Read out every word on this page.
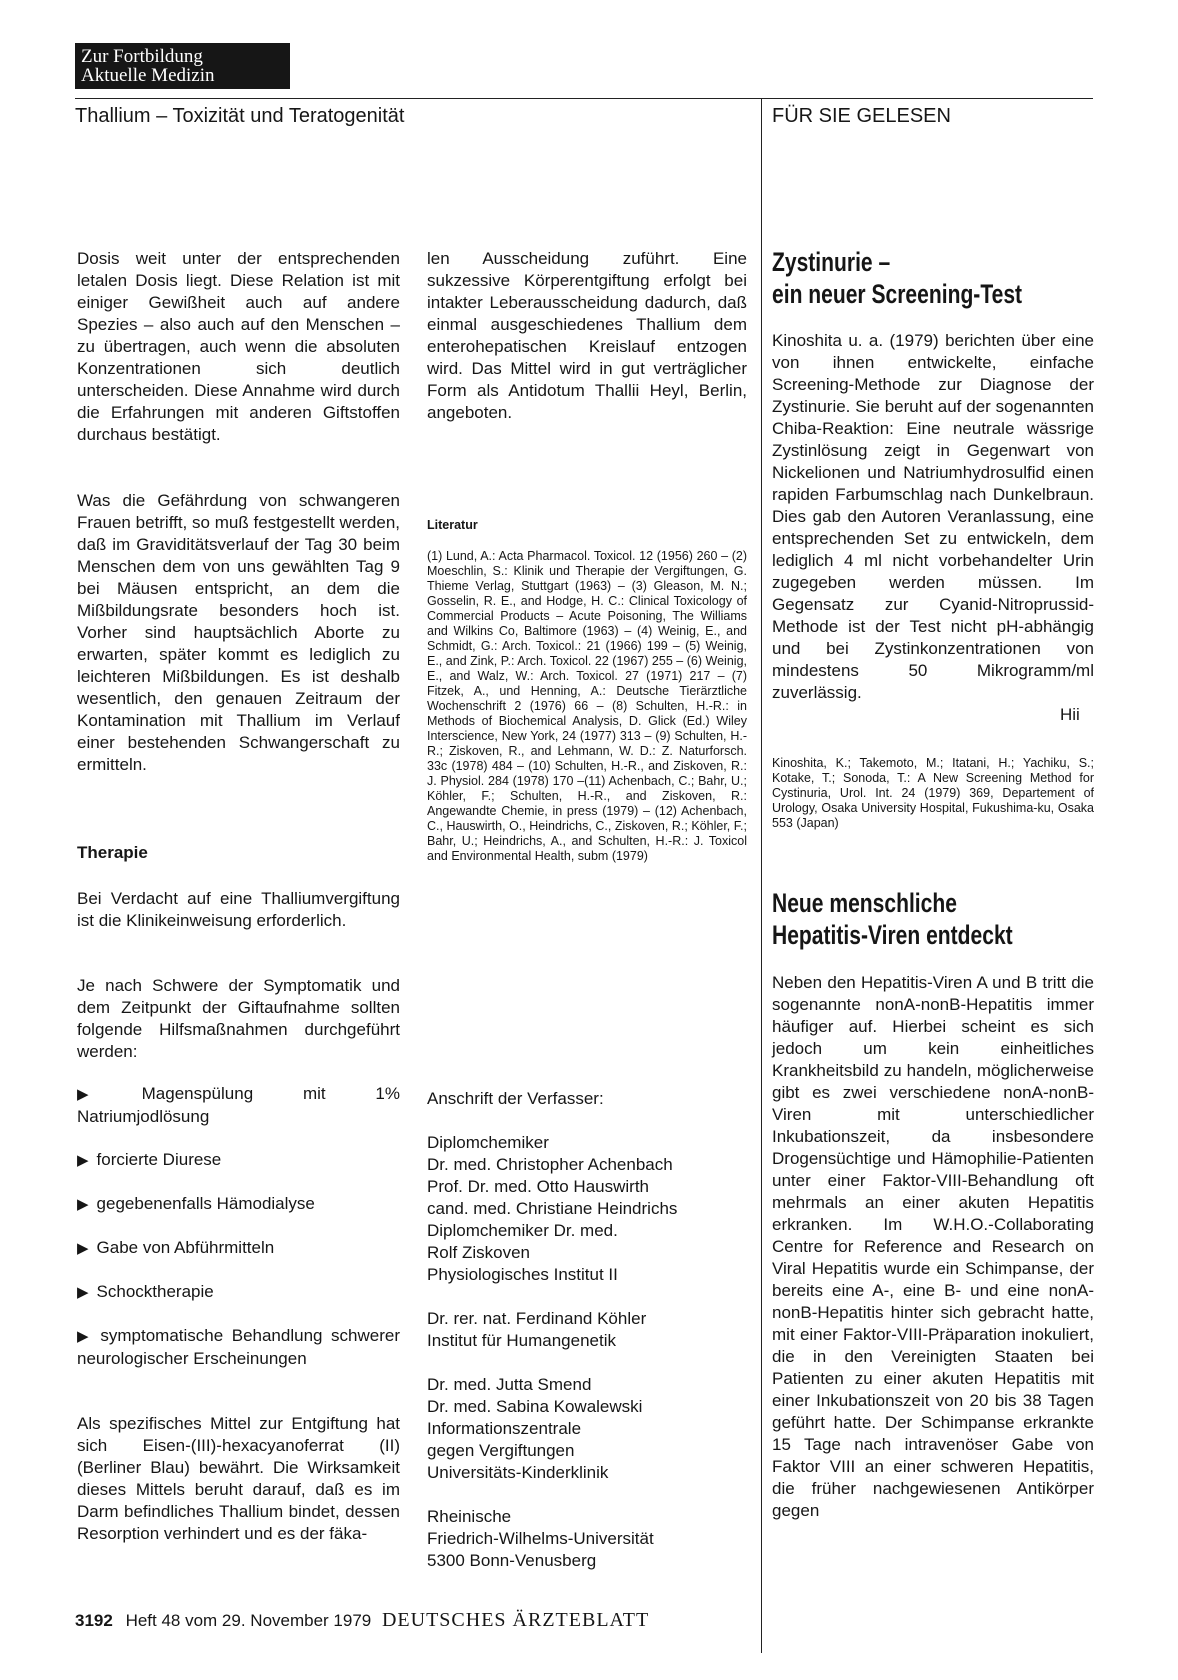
Zur Fortbildung
Aktuelle Medizin
Thallium – Toxizität und Teratogenität	FÜR SIE GELESEN

Dosis weit unter der entsprechenden letalen Dosis liegt. Diese Relation ist mit einiger Gewißheit auch auf andere Spezies – also auch auf den Menschen – zu übertragen, auch wenn die absoluten Konzentrationen sich deutlich unterscheiden. Diese Annahme wird durch die Erfahrungen mit anderen Giftstoffen durchaus bestätigt.

Was die Gefährdung von schwangeren Frauen betrifft, so muß festgestellt werden, daß im Graviditätsverlauf der Tag 30 beim Menschen dem von uns gewählten Tag 9 bei Mäusen entspricht, an dem die Mißbildungsrate besonders hoch ist. Vorher sind hauptsächlich Aborte zu erwarten, später kommt es lediglich zu leichteren Mißbildungen. Es ist deshalb wesentlich, den genauen Zeitraum der Kontamination mit Thallium im Verlauf einer bestehenden Schwangerschaft zu ermitteln.

Therapie

Bei Verdacht auf eine Thalliumvergiftung ist die Klinikeinweisung erforderlich.

Je nach Schwere der Symptomatik und dem Zeitpunkt der Giftaufnahme sollten folgende Hilfsmaßnahmen durchgeführt werden:

▶ Magenspülung mit 1% Natriumjodlösung

▶ forcierte Diurese

▶ gegebenenfalls Hämodialyse

▶ Gabe von Abführmitteln

▶ Schocktherapie

▶ symptomatische Behandlung schwerer neurologischer Erscheinungen

Als spezifisches Mittel zur Entgiftung hat sich Eisen-(III)-hexacyanoferrat (II) (Berliner Blau) bewährt. Die Wirksamkeit dieses Mittels beruht darauf, daß es im Darm befindliches Thallium bindet, dessen Resorption verhindert und es der fäka-

len Ausscheidung zuführt. Eine sukzessive Körperentgiftung erfolgt bei intakter Leberausscheidung dadurch, daß einmal ausgeschiedenes Thallium dem enterohepatischen Kreislauf entzogen wird. Das Mittel wird in gut verträglicher Form als Antidotum Thallii Heyl, Berlin, angeboten.

Literatur

(1) Lund, A.: Acta Pharmacol. Toxicol. 12 (1956) 260 – (2) Moeschlin, S.: Klinik und Therapie der Vergiftungen, G. Thieme Verlag, Stuttgart (1963) – (3) Gleason, M. N.; Gosselin, R. E., and Hodge, H. C.: Clinical Toxicology of Commercial Products – Acute Poisoning, The Williams and Wilkins Co, Baltimore (1963) – (4) Weinig, E., and Schmidt, G.: Arch. Toxicol.: 21 (1966) 199 – (5) Weinig, E., and Zink, P.: Arch. Toxicol. 22 (1967) 255 – (6) Weinig, E., and Walz, W.: Arch. Toxicol. 27 (1971) 217 – (7) Fitzek, A., und Henning, A.: Deutsche Tierärztliche Wochenschrift 2 (1976) 66 – (8) Schulten, H.-R.: in Methods of Biochemical Analysis, D. Glick (Ed.) Wiley Interscience, New York, 24 (1977) 313 – (9) Schulten, H.-R.; Ziskoven, R., and Lehmann, W. D.: Z. Naturforsch. 33c (1978) 484 – (10) Schulten, H.-R., and Ziskoven, R.: J. Physiol. 284 (1978) 170 –(11) Achenbach, C.; Bahr, U.; Köhler, F.; Schulten, H.-R., and Ziskoven, R.: Angewandte Chemie, in press (1979) – (12) Achenbach, C., Hauswirth, O., Heindrichs, C., Ziskoven, R.; Köhler, F.; Bahr, U.; Heindrichs, A., and Schulten, H.-R.: J. Toxicol and Environmental Health, subm (1979)

Anschrift der Verfasser:
Diplomchemiker
Dr. med. Christopher Achenbach
Prof. Dr. med. Otto Hauswirth
cand. med. Christiane Heindrichs
Diplomchemiker Dr. med.
Rolf Ziskoven
Physiologisches Institut II
Dr. rer. nat. Ferdinand Köhler
Institut für Humangenetik
Dr. med. Jutta Smend
Dr. med. Sabina Kowalewski
Informationszentrale
gegen Vergiftungen
Universitäts-Kinderklinik
Rheinische
Friedrich-Wilhelms-Universität
5300 Bonn-Venusberg
Zystinurie –
ein neuer Screening-Test

Kinoshita u. a. (1979) berichten über eine von ihnen entwickelte, einfache Screening-Methode zur Diagnose der Zystinurie. Sie beruht auf der sogenannten Chiba-Reaktion: Eine neutrale wässrige Zystinlösung zeigt in Gegenwart von Nickelionen und Natriumhydrosulfid einen rapiden Farbumschlag nach Dunkelbraun. Dies gab den Autoren Veranlassung, eine entsprechenden Set zu entwickeln, dem lediglich 4 ml nicht vorbehandelter Urin zugegeben werden müssen. Im Gegensatz zur Cyanid-Nitroprussid-Methode ist der Test nicht pH-abhängig und bei Zystinkonzentrationen von mindestens 50 Mikrogramm/ml zuverlässig.

Hii

Kinoshita, K.; Takemoto, M.; Itatani, H.; Yachiku, S.; Kotake, T.; Sonoda, T.: A New Screening Method for Cystinuria, Urol. Int. 24 (1979) 369, Departement of Urology, Osaka University Hospital, Fukushima-ku, Osaka 553 (Japan)

Neue menschliche
Hepatitis-Viren entdeckt

Neben den Hepatitis-Viren A und B tritt die sogenannte nonA-nonB-Hepatitis immer häufiger auf. Hierbei scheint es sich jedoch um kein einheitliches Krankheitsbild zu handeln, möglicherweise gibt es zwei verschiedene nonA-nonB-Viren mit unterschiedlicher Inkubationszeit, da insbesondere Drogensüchtige und Hämophilie-Patienten unter einer Faktor-VIII-Behandlung oft mehrmals an einer akuten Hepatitis erkranken. Im W.H.O.-Collaborating Centre for Reference and Research on Viral Hepatitis wurde ein Schimpanse, der bereits eine A-, eine B- und eine nonA-nonB-Hepatitis hinter sich gebracht hatte, mit einer Faktor-VIII-Präparation inokuliert, die in den Vereinigten Staaten bei Patienten zu einer akuten Hepatitis mit einer Inkubationszeit von 20 bis 38 Tagen geführt hatte. Der Schimpanse erkrankte 15 Tage nach intravenöser Gabe von Faktor VIII an einer schweren Hepatitis, die früher nachgewiesenen Antikörper gegen

3192 Heft 48 vom 29. November 1979 DEUTSCHES ÄRZTEBLATT
